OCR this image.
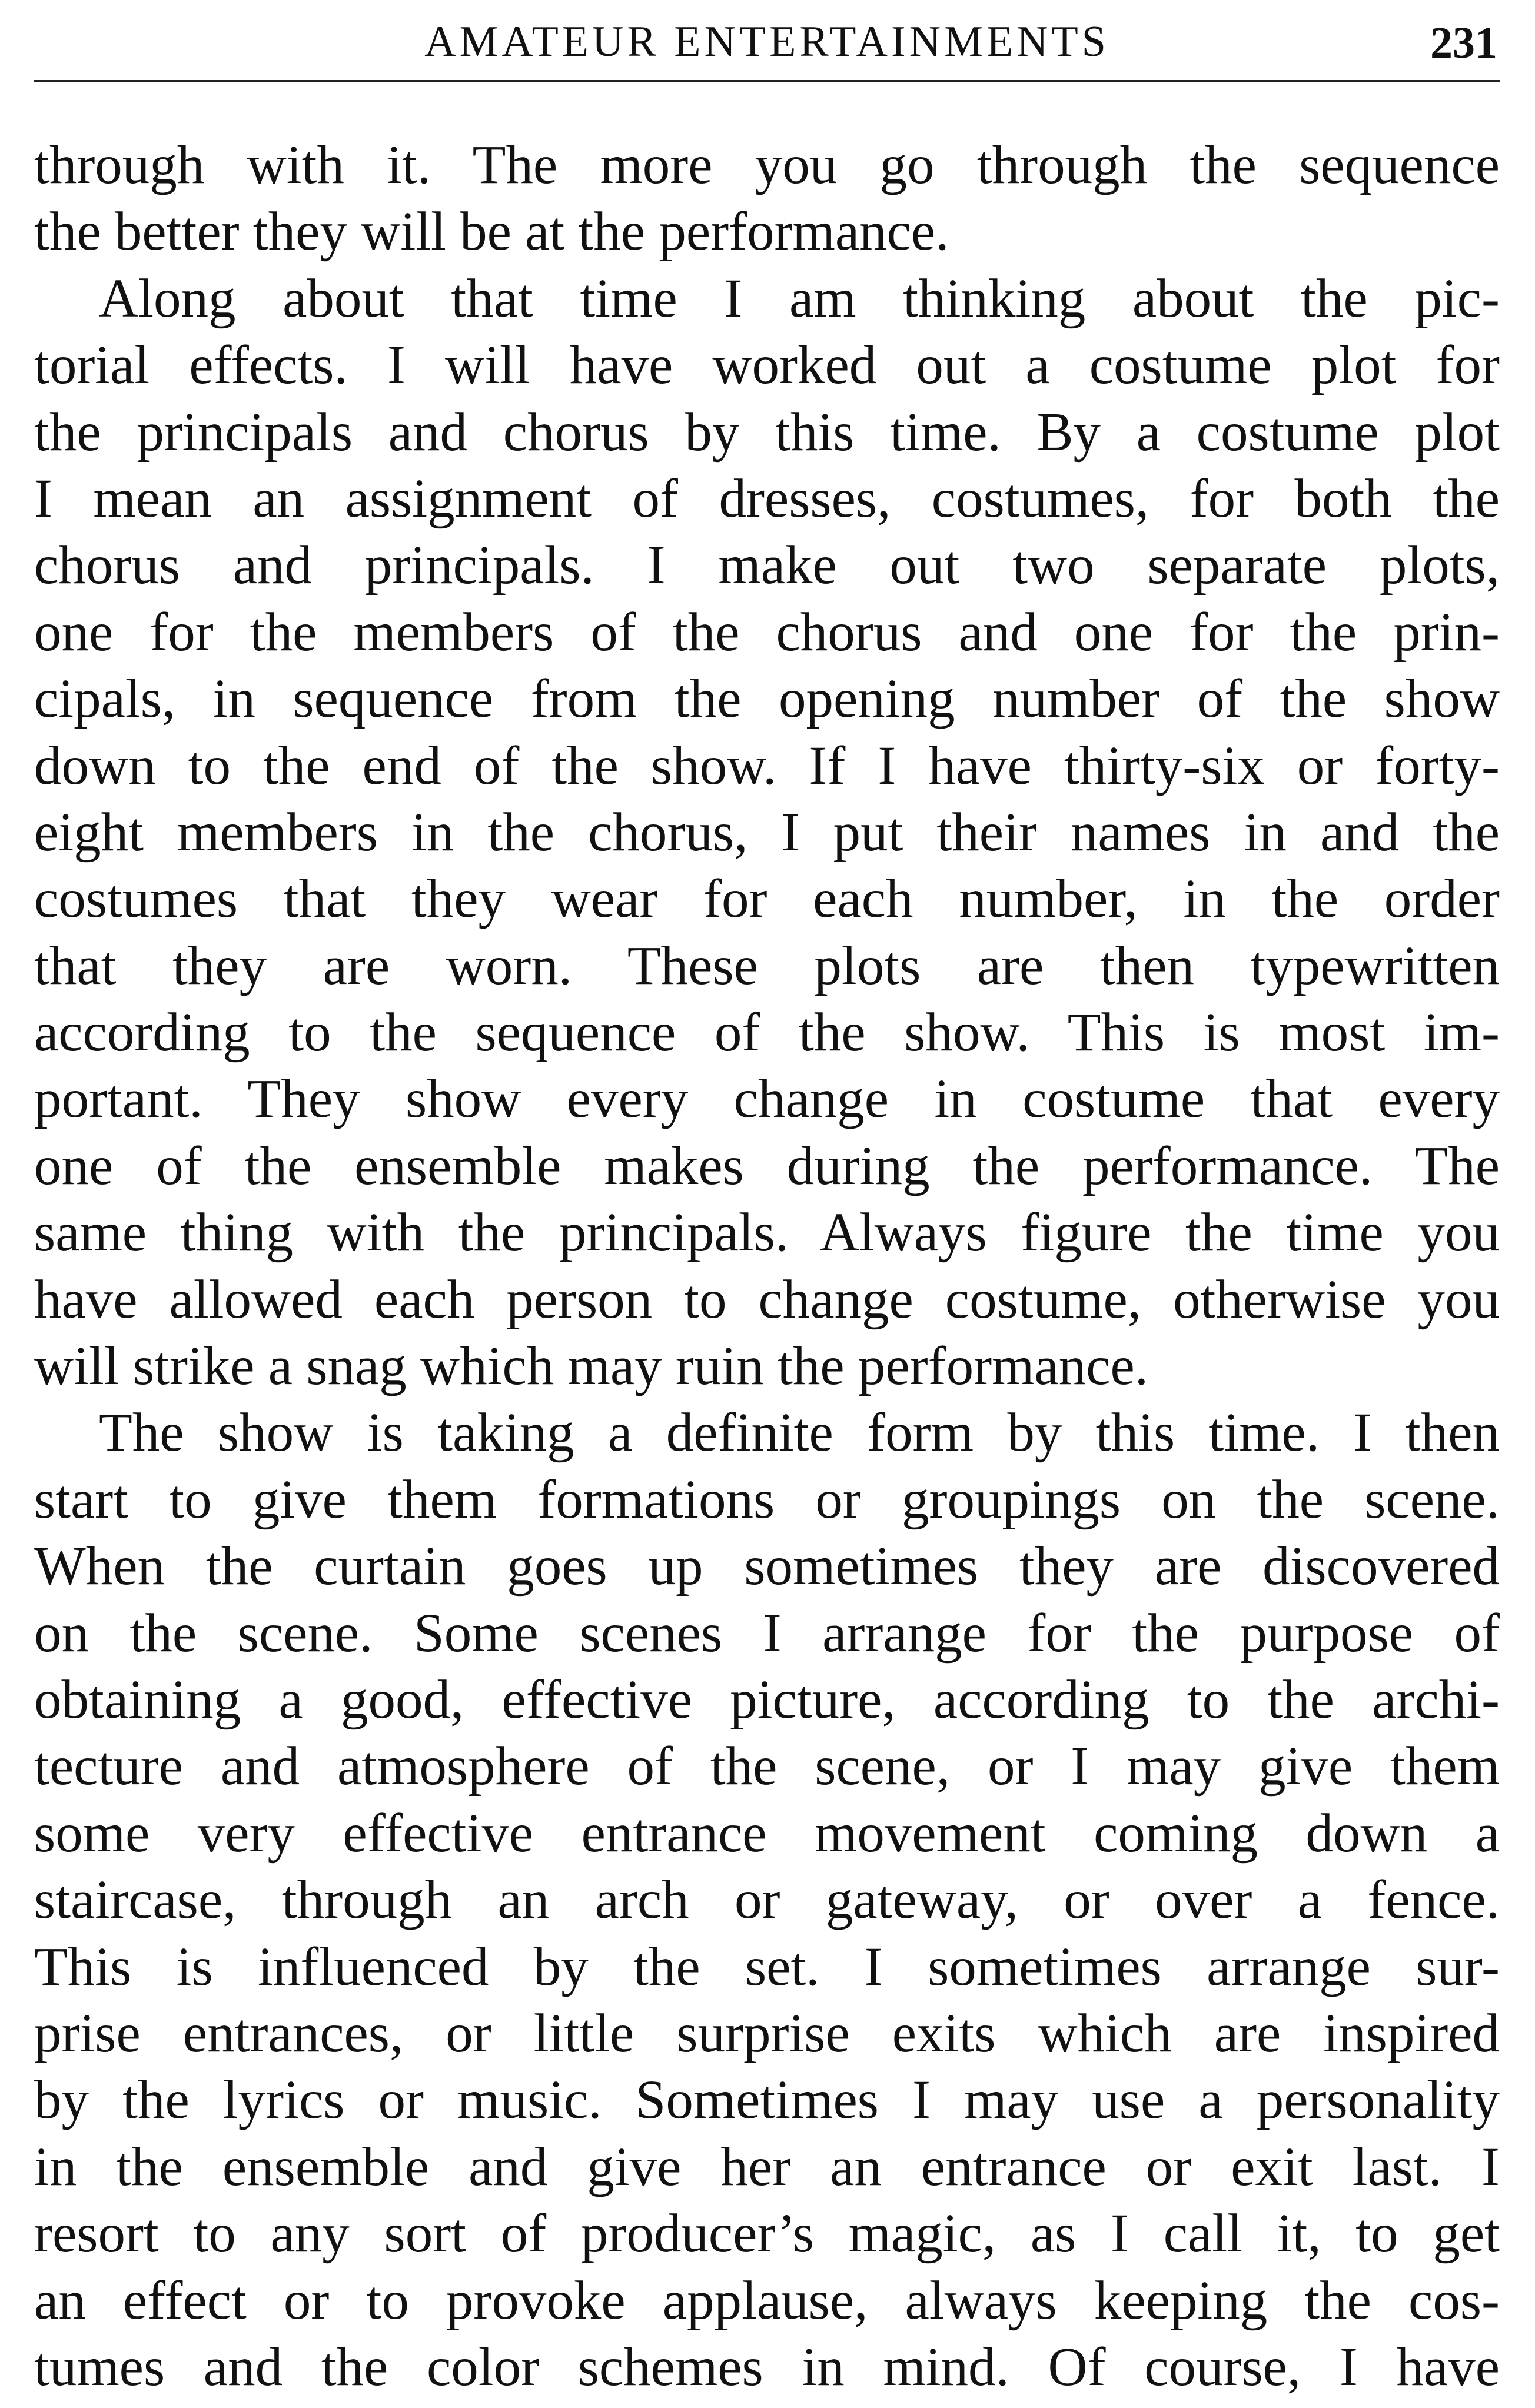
AMATEUR ENTERTAINMENTS	231
through with it. The more you go through the sequence
the better they will be at the performance.
Along about that time I am thinking about the pic-
torial effects. I will have worked out a costume plot for
the principals and chorus by this time. By a costume plot
I mean an assignment of dresses, costumes, for both the
chorus and principals. I make out two separate plots,
one for the members of the chorus and one for the prin-
cipals, in sequence from the opening number of the show
down to the end of the show. If I have thirty-six or forty-
eight members in the chorus, I put their names in and the
costumes that they wear for each number, in the order
that they are worn. These plots are then typewritten
according to the sequence of the show. This is most im-
portant. They show every change in costume that every
one of the ensemble makes during the performance. The
same thing with the principals. Always figure the time you
have allowed each person to change costume, otherwise you
will strike a snag which may ruin the performance.
The show is taking a definite form by this time. I then
start to give them formations or groupings on the scene.
When the curtain goes up sometimes they are discovered
on the scene. Some scenes I arrange for the purpose of
obtaining a good, effective picture, according to the archi-
tecture and atmosphere of the scene, or I may give them
some very effective entrance movement coming down a
staircase, through an arch or gateway, or over a fence.
This is influenced by the set. I sometimes arrange sur-
prise entrances, or little surprise exits which are inspired
by the lyrics or music. Sometimes I may use a personality
in the ensemble and give her an entrance or exit last. I
resort to any sort of producer’s magic, as I call it, to get
an effect or to provoke applause, always keeping the cos-
tumes and the color schemes in mind. Of course, I have
